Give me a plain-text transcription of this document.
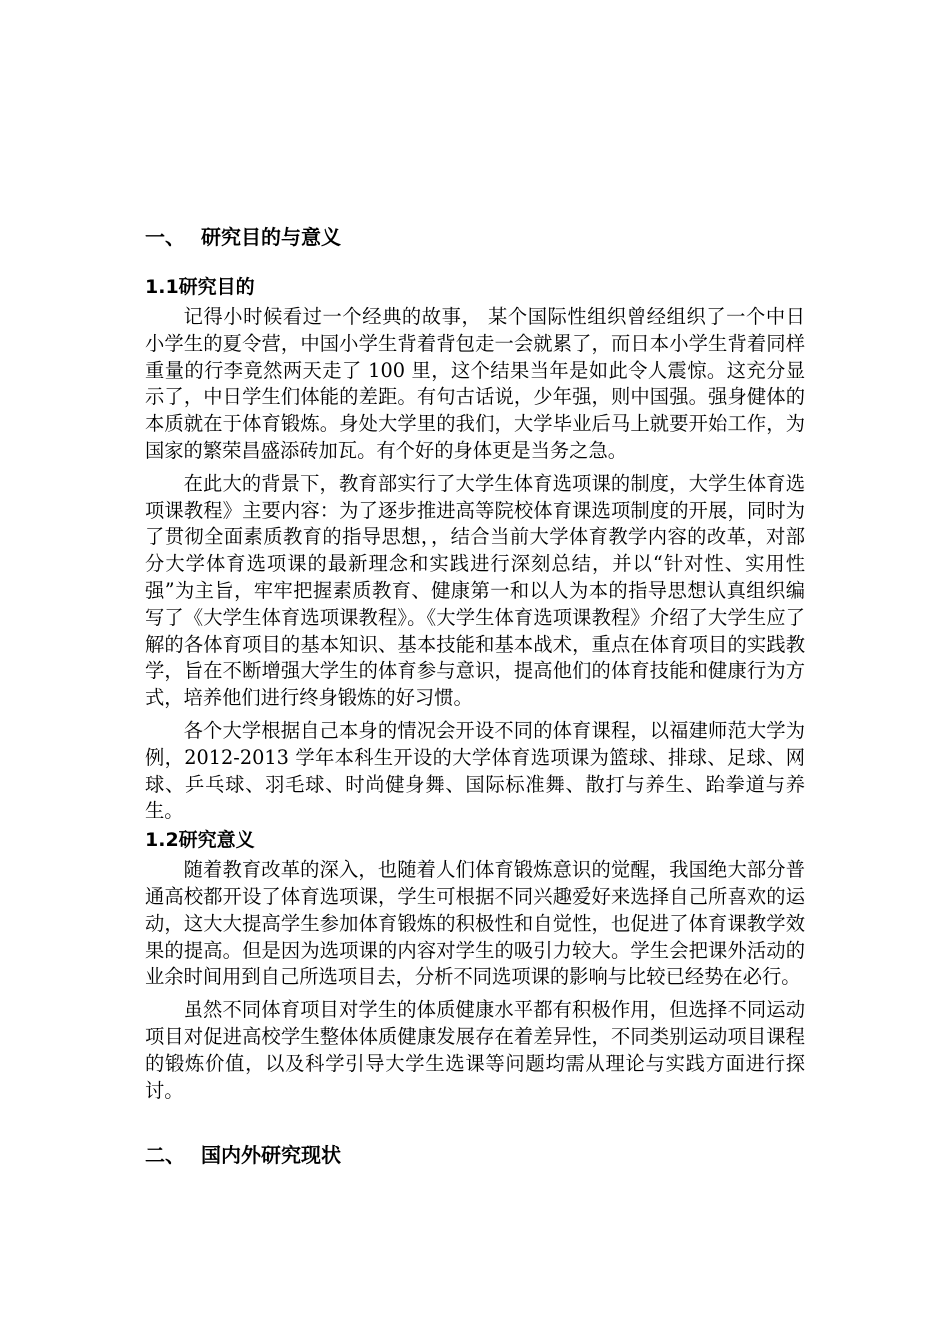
一、 研究目的与意义
1.1研究目的

记得小时候看过一个经典的故事， 某个国际性组织曾经组织了一个中日小学生的夏令营，中国小学生背着背包走一会就累了，而日本小学生背着同样重量的行李竟然两天走了 100 里，这个结果当年是如此令人震惊。这充分显示了，中日学生们体能的差距。有句古话说，少年强，则中国强。强身健体的本质就在于体育锻炼。身处大学里的我们，大学毕业后马上就要开始工作，为国家的繁荣昌盛添砖加瓦。有个好的身体更是当务之急。

在此大的背景下，教育部实行了大学生体育选项课的制度，大学生体育选项课教程》主要内容：为了逐步推进高等院校体育课选项制度的开展，同时为了贯彻全面素质教育的指导思想，，结合当前大学体育教学内容的改革，对部分大学体育选项课的最新理念和实践进行深刻总结，并以“针对性、实用性强”为主旨，牢牢把握素质教育、健康第一和以人为本的指导思想认真组织编写了《大学生体育选项课教程》。《大学生体育选项课教程》介绍了大学生应了解的各体育项目的基本知识、基本技能和基本战术，重点在体育项目的实践教学，旨在不断增强大学生的体育参与意识，提高他们的体育技能和健康行为方式，培养他们进行终身锻炼的好习惯。

各个大学根据自己本身的情况会开设不同的体育课程，以福建师范大学为例，2012-2013 学年本科生开设的大学体育选项课为篮球、排球、足球、网球、乒乓球、羽毛球、时尚健身舞、国际标准舞、散打与养生、跆拳道与养生。

1.2研究意义

随着教育改革的深入，也随着人们体育锻炼意识的觉醒，我国绝大部分普通高校都开设了体育选项课，学生可根据不同兴趣爱好来选择自己所喜欢的运动，这大大提高学生参加体育锻炼的积极性和自觉性，也促进了体育课教学效果的提高。但是因为选项课的内容对学生的吸引力较大。学生会把课外活动的业余时间用到自己所选项目去，分析不同选项课的影响与比较已经势在必行。

虽然不同体育项目对学生的体质健康水平都有积极作用，但选择不同运动项目对促进高校学生整体体质健康发展存在着差异性，不同类别运动项目课程的锻炼价值，以及科学引导大学生选课等问题均需从理论与实践方面进行探讨。

二、 国内外研究现状
